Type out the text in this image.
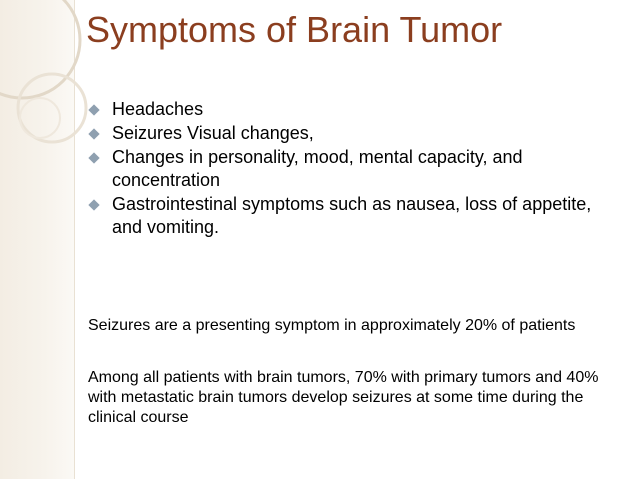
Symptoms of Brain Tumor
Headaches
Seizures Visual changes,
Changes in personality, mood, mental capacity, and concentration
Gastrointestinal symptoms such as nausea, loss of appetite, and vomiting.

Seizures are a presenting symptom in approximately 20% of patients

Among all patients with brain tumors, 70% with primary tumors and 40% with metastatic brain tumors develop seizures at some time during the clinical course
